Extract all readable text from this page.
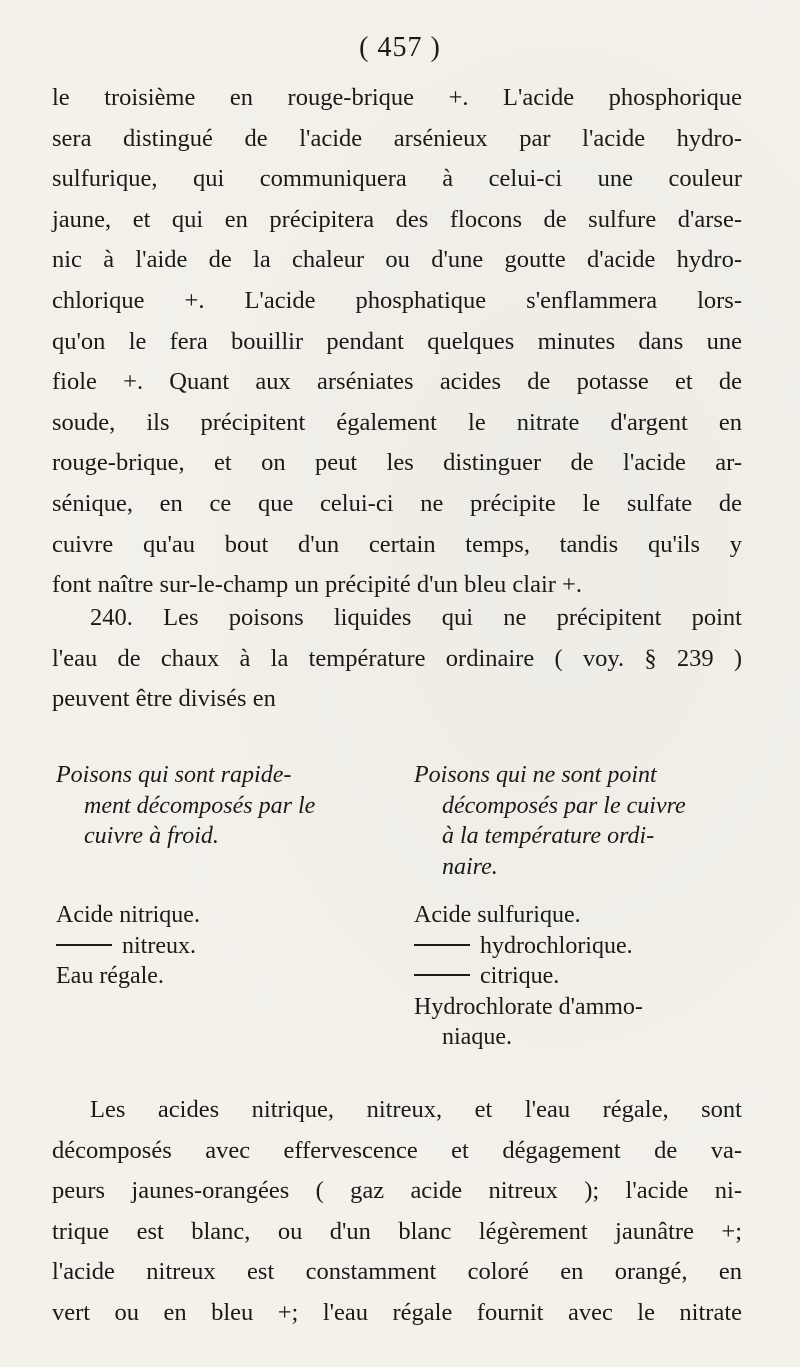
( 457 )
le troisième en rouge-brique +. L'acide phosphorique
sera distingué de l'acide arsénieux par l'acide hydro-
sulfurique, qui communiquera à celui-ci une couleur
jaune, et qui en précipitera des flocons de sulfure d'arse-
nic à l'aide de la chaleur ou d'une goutte d'acide hydro-
chlorique +. L'acide phosphatique s'enflammera lors-
qu'on le fera bouillir pendant quelques minutes dans une
fiole +. Quant aux arséniates acides de potasse et de
soude, ils précipitent également le nitrate d'argent en
rouge-brique, et on peut les distinguer de l'acide ar-
sénique, en ce que celui-ci ne précipite le sulfate de
cuivre qu'au bout d'un certain temps, tandis qu'ils y
font naître sur-le-champ un précipité d'un bleu clair +.
240. Les poisons liquides qui ne précipitent point
l'eau de chaux à la température ordinaire ( voy. § 239 )
peuvent être divisés en

Poisons qui sont rapide-
ment décomposés par le
cuivre à froid.

Acide nitrique.
nitreux.
Eau régale.

Poisons qui ne sont point
décomposés par le cuivre
à la température ordi-
naire.

Acide sulfurique.
hydrochlorique.
citrique.
Hydrochlorate d'ammo-
niaque.
Les acides nitrique, nitreux, et l'eau régale, sont
décomposés avec effervescence et dégagement de va-
peurs jaunes-orangées ( gaz acide nitreux ); l'acide ni-
trique est blanc, ou d'un blanc légèrement jaunâtre +;
l'acide nitreux est constamment coloré en orangé, en
vert ou en bleu +; l'eau régale fournit avec le nitrate
